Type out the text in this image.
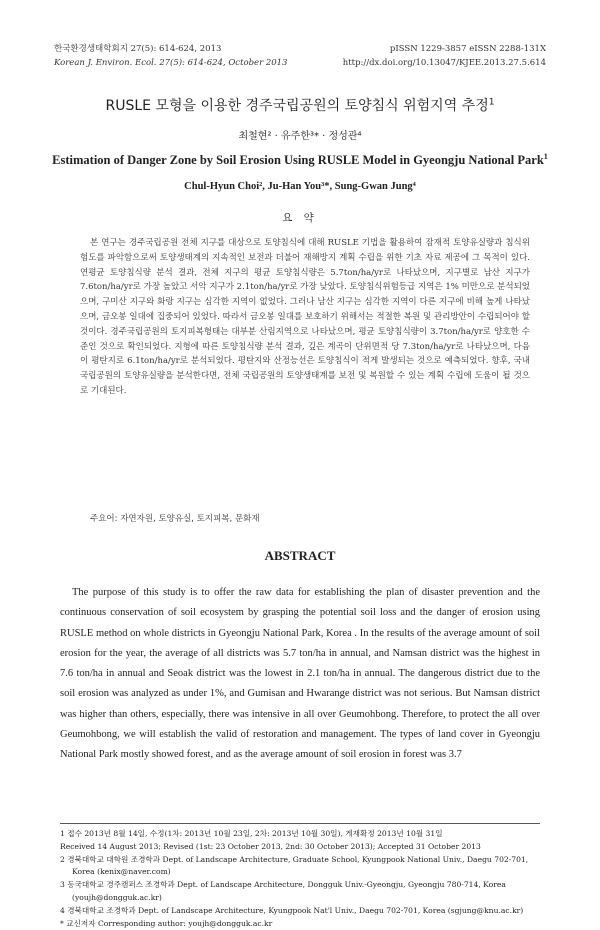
한국환경생태학회지 27(5): 614-624, 2013
Korean J. Environ. Ecol. 27(5): 614-624, October 2013
pISSN 1229-3857 eISSN 2288-131X
http://dx.doi.org/10.13047/KJEE.2013.27.5.614
RUSLE 모형을 이용한 경주국립공원의 토양침식 위험지역 추정$^1$
최철현² · 유주한³* · 정성관⁴
Estimation of Danger Zone by Soil Erosion Using RUSLE Model in Gyeongju National Park$^1$
Chul-Hyun Choi², Ju-Han You³*, Sung-Gwan Jung⁴
요 약
본 연구는 경주국립공원 전체 지구를 대상으로 토양침식에 대해 RUSLE 기법을 활용하여 잠재적 토양유실량과 침식위험도를 파악함으로써 토양생태계의 지속적인 보전과 더불어 재해방지 계획 수립을 위한 기초 자료 제공에 그 목적이 있다. 연평균 토양침식량 분석 결과, 전체 지구의 평균 토양침식량은 5.7ton/ha/yr로 나타났으며, 지구별로 남산 지구가 7.6ton/ha/yr로 가장 높았고 서악 지구가 2.1ton/ha/yr로 가장 낮았다. 토양침식위험등급 지역은 1% 미만으로 분석되었으며, 구미산 지구와 화랑 지구는 심각한 지역이 없었다. 그러나 남산 지구는 심각한 지역이 다른 지구에 비해 높게 나타났으며, 금오봉 일대에 집중되어 있었다. 따라서 금오봉 일대를 보호하기 위해서는 적절한 복원 및 관리방안이 수립되어야 할 것이다. 경주국립공원의 토지피복형태는 대부분 산림지역으로 나타났으며, 평균 토양침식량이 3.7ton/ha/yr로 양호한 수준인 것으로 확인되었다. 지형에 따른 토양침식량 분석 결과, 깊은 계곡이 단위면적 당 7.3ton/ha/yr로 나타났으며, 다음이 평탄지로 6.1ton/ha/yr로 분석되었다. 평탄지와 산정능선은 토양침식이 적게 발생되는 것으로 예측되었다. 향후, 국내 국립공원의 토양유실량을 분석한다면, 전체 국립공원의 토양생태계를 보전 및 복원할 수 있는 계획 수립에 도움이 될 것으로 기대된다.
주요어: 자연자원, 토양유실, 토지피복, 문화재
ABSTRACT
The purpose of this study is to offer the raw data for establishing the plan of disaster prevention and the continuous conservation of soil ecosystem by grasping the potential soil loss and the danger of erosion using RUSLE method on whole districts in Gyeongju National Park, Korea . In the results of the average amount of soil erosion for the year, the average of all districts was 5.7 ton/ha in annual, and Namsan district was the highest in 7.6 ton/ha in annual and Seoak district was the lowest in 2.1 ton/ha in annual. The dangerous district due to the soil erosion was analyzed as under 1%, and Gumisan and Hwarange district was not serious. But Namsan district was higher than others, especially, there was intensive in all over Geumohbong. Therefore, to protect the all over Geumohbong, we will establish the valid of restoration and management. The types of land cover in Gyeongju National Park mostly showed forest, and as the average amount of soil erosion in forest was 3.7
1 접수 2013년 8월 14일, 수정(1차: 2013년 10월 23일, 2차: 2013년 10월 30일), 게재확정 2013년 10월 31일
Received 14 August 2013; Revised (1st: 23 October 2013, 2nd: 30 October 2013); Accepted 31 October 2013
2 경북대학교 대학원 조경학과 Dept. of Landscape Architecture, Graduate School, Kyungpook National Univ., Daegu 702-701, Korea (kenix@naver.com)
3 동국대학교 경주캠퍼스 조경학과 Dept. of Landscape Architecture, Dongguk Univ.-Gyeongju, Gyeongju 780-714, Korea (youjh@dongguk.ac.kr)
4 경북대학교 조경학과 Dept. of Landscape Architecture, Kyungpook Nat'l Univ., Daegu 702-701, Korea (sgjung@knu.ac.kr)
* 교신저자 Corresponding author: youjh@dongguk.ac.kr
